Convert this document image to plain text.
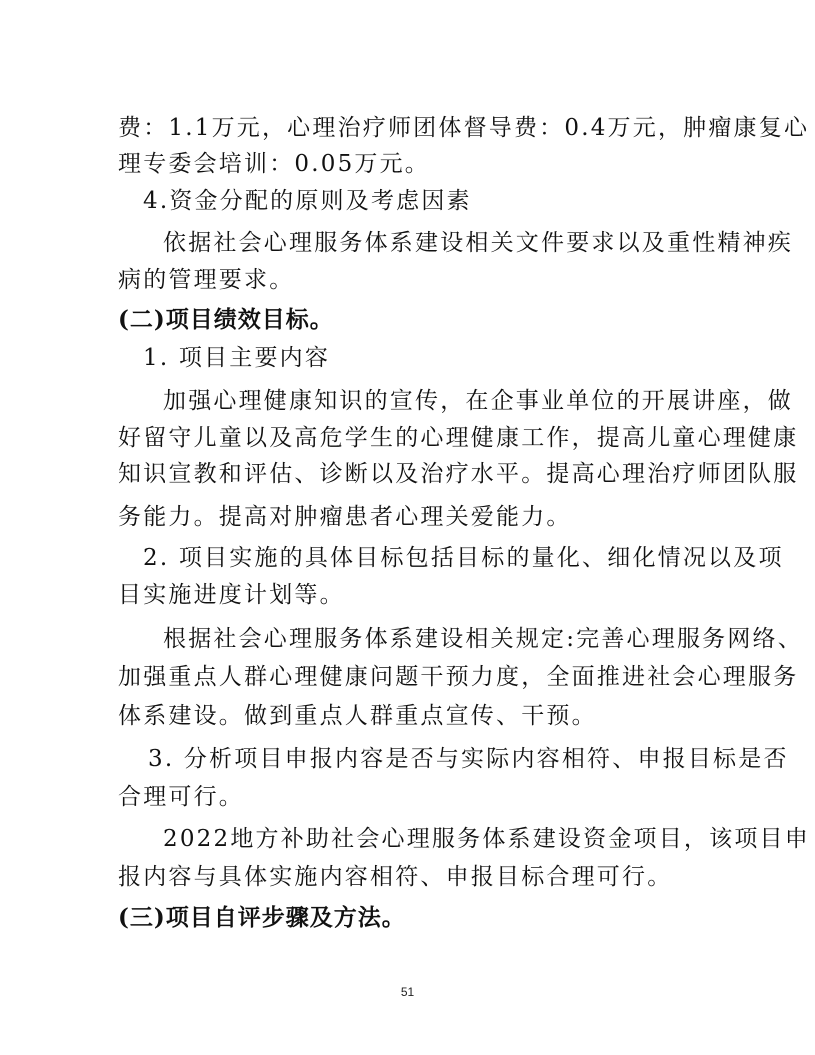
费：1.1万元，心理治疗师团体督导费：0.4万元，肿瘤康复心
理专委会培训：0.05万元。
4.资金分配的原则及考虑因素
依据社会心理服务体系建设相关文件要求以及重性精神疾
病的管理要求。
(二)项目绩效目标。
1. 项目主要内容
加强心理健康知识的宣传，在企事业单位的开展讲座，做
好留守儿童以及高危学生的心理健康工作，提高儿童心理健康
知识宣教和评估、诊断以及治疗水平。提高心理治疗师团队服
务能力。提高对肿瘤患者心理关爱能力。
2. 项目实施的具体目标包括目标的量化、细化情况以及项
目实施进度计划等。
根据社会心理服务体系建设相关规定:完善心理服务网络、
加强重点人群心理健康问题干预力度，全面推进社会心理服务
体系建设。做到重点人群重点宣传、干预。
3. 分析项目申报内容是否与实际内容相符、申报目标是否
合理可行。
2022地方补助社会心理服务体系建设资金项目，该项目申
报内容与具体实施内容相符、申报目标合理可行。
(三)项目自评步骤及方法。
51
